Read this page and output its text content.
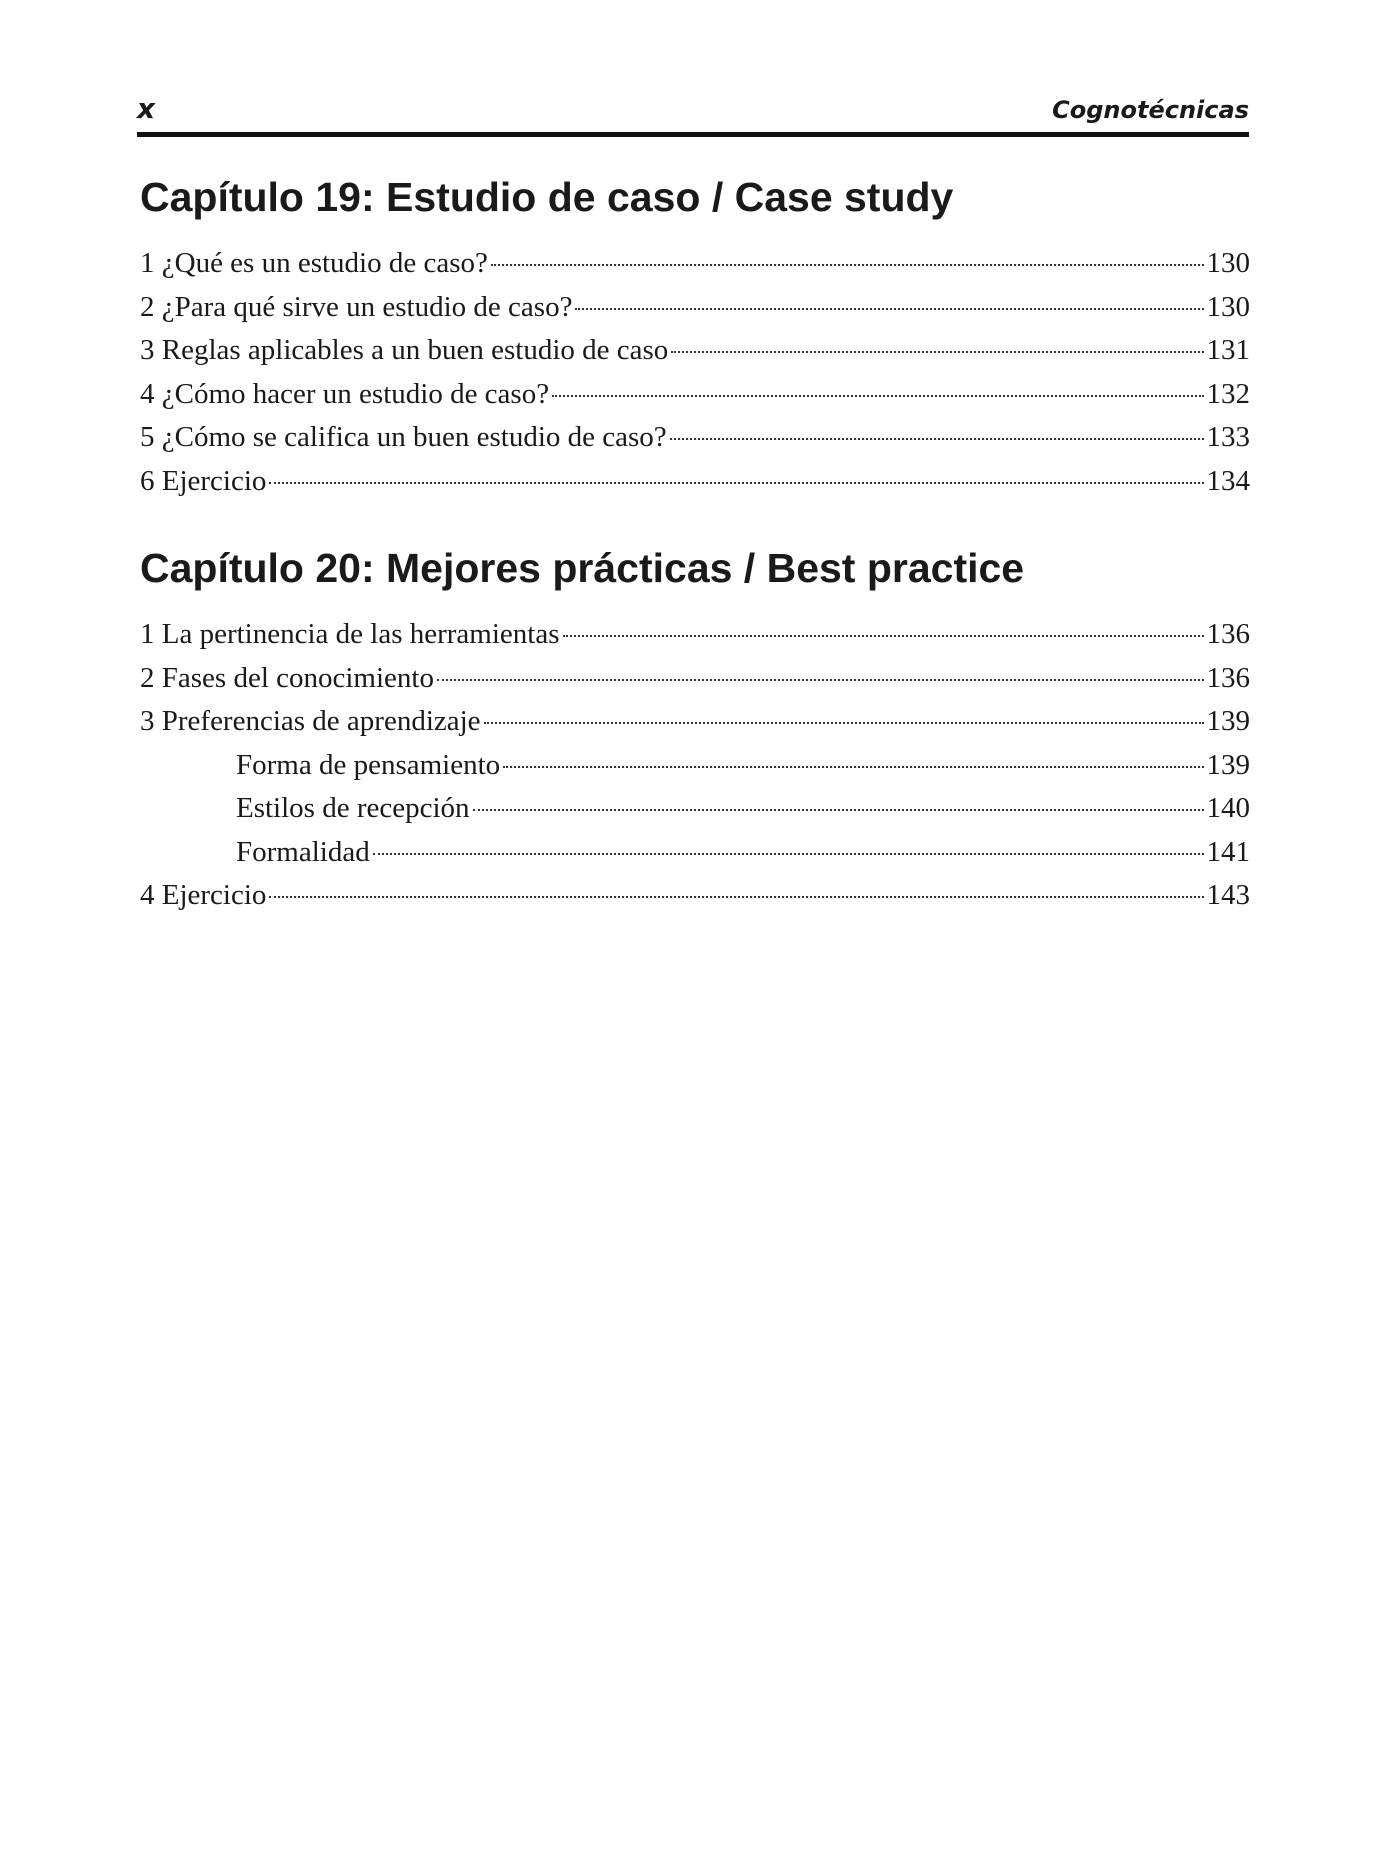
x	Cognotécnicas
Capítulo 19: Estudio de caso / Case study
1 ¿Qué es un estudio de caso?	130
2 ¿Para qué sirve un estudio de caso?	130
3 Reglas aplicables a un buen estudio de caso	131
4 ¿Cómo hacer un estudio de caso?	132
5 ¿Cómo se califica un buen estudio de caso?	133
6 Ejercicio	134
Capítulo 20: Mejores prácticas / Best practice
1 La pertinencia de las herramientas	136
2 Fases del conocimiento	136
3 Preferencias de aprendizaje	139
Forma de pensamiento	139
Estilos de recepción	140
Formalidad	141
4 Ejercicio	143
